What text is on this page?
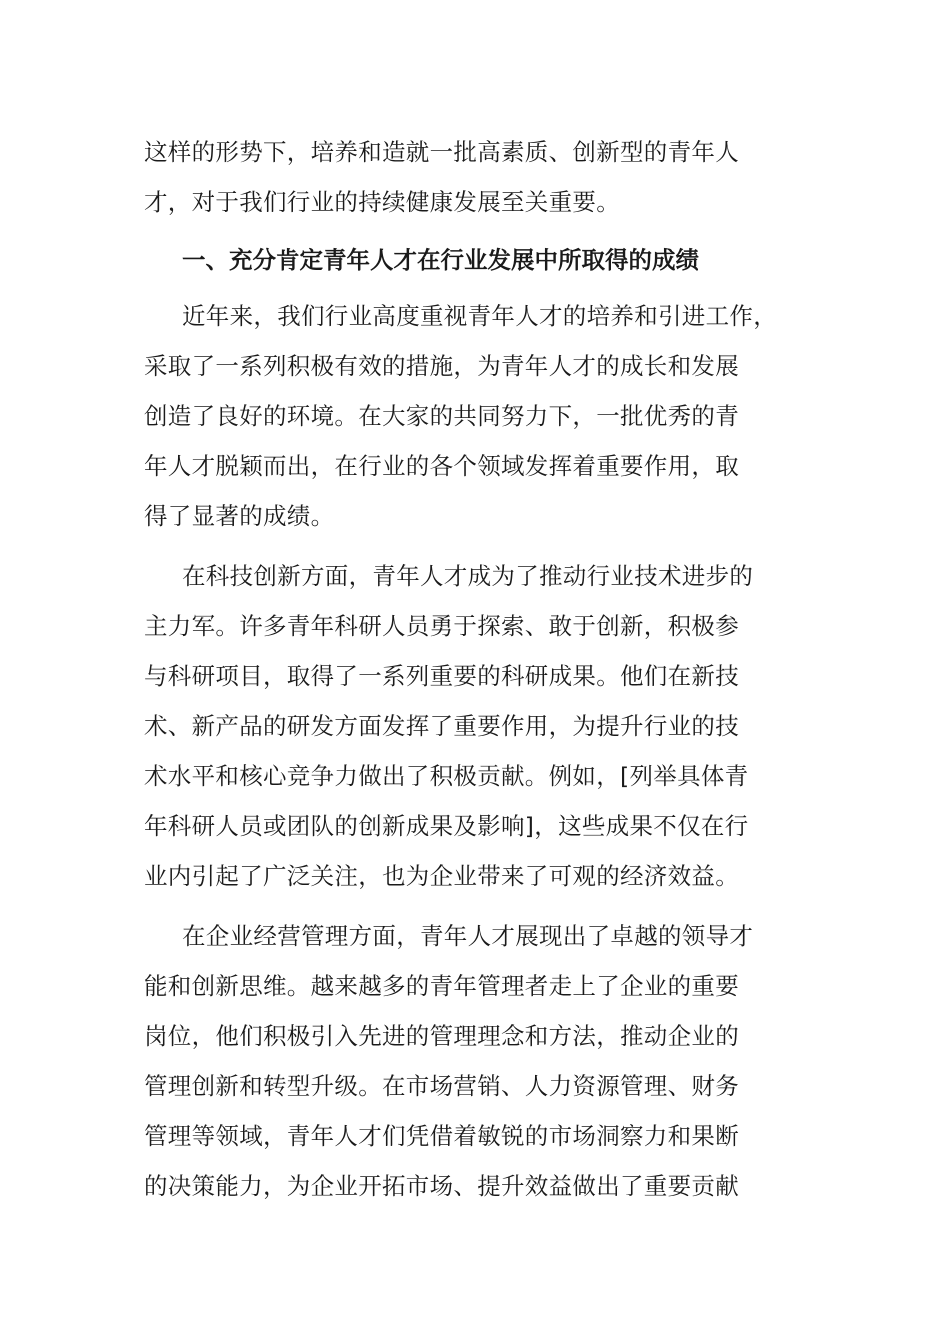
这样的形势下，培养和造就一批高素质、创新型的青年人
才，对于我们行业的持续健康发展至关重要。

一、充分肯定青年人才在行业发展中所取得的成绩

近年来，我们行业高度重视青年人才的培养和引进工作，
采取了一系列积极有效的措施，为青年人才的成长和发展
创造了良好的环境。在大家的共同努力下，一批优秀的青
年人才脱颖而出，在行业的各个领域发挥着重要作用，取
得了显著的成绩。

在科技创新方面，青年人才成为了推动行业技术进步的
主力军。许多青年科研人员勇于探索、敢于创新，积极参
与科研项目，取得了一系列重要的科研成果。他们在新技
术、新产品的研发方面发挥了重要作用，为提升行业的技
术水平和核心竞争力做出了积极贡献。例如，[列举具体青
年科研人员或团队的创新成果及影响]，这些成果不仅在行
业内引起了广泛关注，也为企业带来了可观的经济效益。

在企业经营管理方面，青年人才展现出了卓越的领导才
能和创新思维。越来越多的青年管理者走上了企业的重要
岗位，他们积极引入先进的管理理念和方法，推动企业的
管理创新和转型升级。在市场营销、人力资源管理、财务
管理等领域，青年人才们凭借着敏锐的市场洞察力和果断
的决策能力，为企业开拓市场、提升效益做出了重要贡献
